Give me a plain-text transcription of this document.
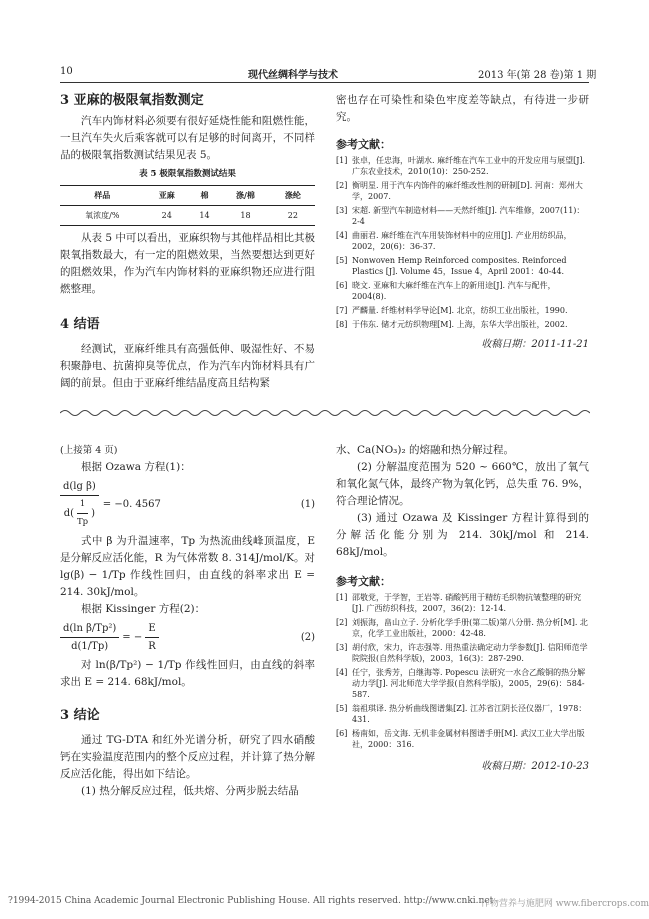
10	现代丝绸科学与技术	2013 年(第 28 卷)第 1 期

3 亚麻的极限氧指数测定

汽车内饰材料必须要有很好延烧性能和阻燃性能，一旦汽车失火后乘客就可以有足够的时间离开，不同样品的极限氧指数测试结果见表 5。

表 5 极限氧指数测试结果
样品	亚麻	棉	涤/棉	涤纶
氧浓度/%	24	14	18	22

从表 5 中可以看出，亚麻织物与其他样品相比其极限氧指数最大，有一定的阻燃效果，当然要想达到更好的阻燃效果，作为汽车内饰材料的亚麻织物还应进行阻燃整理。

4 结语

经测试，亚麻纤维具有高强低伸、吸湿性好、不易积聚静电、抗菌抑臭等优点，作为汽车内饰材料具有广阔的前景。但由于亚麻纤维结晶度高且结构紧

密也存在可染性和染色牢度差等缺点，有待进一步研究。

参考文献：

[1] 张卓，任忠海，叶湖水. 麻纤维在汽车工业中的开发应用与展望[J]. 广东农业技术，2010(10)：250-252.
[2] 衡明星. 用于汽车内饰件的麻纤维改性剂的研制[D]. 河南：郑州大学，2007.
[3] 宋超. 新型汽车制造材料——天然纤维[J]. 汽车维修，2007(11)：2-4
[4] 曲丽君. 麻纤维在汽车用装饰材料中的应用[J]. 产业用纺织品，2002，20(6)：36-37.
[5] Nonwoven Hemp Reinforced composites. Reinforced Plastics [J]. Volume 45，Issue 4，April 2001：40-44.
[6] 晓文. 亚麻和大麻纤维在汽车上的新用途[J]. 汽车与配件，2004(8).
[7] 严麟量. 纤维材料学导论[M]. 北京，纺织工业出版社，1990.
[8] 于伟东. 储才元纺织物理[M]. 上海，东华大学出版社，2002.
收稿日期：2011-11-21
(上接第 4 页)

根据 Ozawa 方程(1)：

$\frac{\text{d(lg β)}}{d( \frac{1}{Tp} )} = -0$. 4567	(1)

式中 β 为升温速率，Tp 为热流曲线峰顶温度，E 是分解反应活化能，R 为气体常数 8. 314J/mol/K。对 lg(β) − 1/Tp 作线性回归，由直线的斜率求出 E = 214. 30kJ/mol。

根据 Kissinger 方程(2)：

$\frac{\text{d(ln β/Tp²)}}{d(1/Tp)}$ = − $\frac{E}{R}$	(2)

对 ln(β/Tp²) − 1/Tp 作线性回归，由直线的斜率求出 E = 214. 68kJ/mol。

3 结论

通过 TG-DTA 和红外光谱分析，研究了四水硝酸钙在实验温度范围内的整个反应过程，并计算了热分解反应活化能，得出如下结论。

(1) 热分解反应过程，低共熔、分两步脱去结晶

水、Ca(NO₃)₂ 的熔融和热分解过程。

(2) 分解温度范围为 520 ~ 660℃，放出了氧气和氧化氮气体，最终产物为氧化钙，总失重 76. 9%，符合理论情况。

(3) 通过 Ozawa 及 Kissinger 方程计算得到的分解活化能分别为 214. 30kJ/mol 和 214. 68kJ/mol。

参考文献：

[1] 邵敬党，于学智，王岩等. 硝酸钙用于精纺毛织物抗皱整理的研究[J]. 广西纺织科技，2007，36(2)：12-14.
[2] 刘振海，畠山立子. 分析化学手册(第二版)第八分册. 热分析[M]. 北京，化学工业出版社，2000：42-48.
[3] 胡付欣，宋力，许志强等. 用热重法确定动力学参数[J]. 信阳师范学院院报(自然科学版)，2003，16(3)：287-290.
[4] 任宁，张秀芳，白继海等. Popescu 法研究一水合乙酸铜的热分解动力学[J]. 河北师范大学学报(自然科学版)，2005，29(6)：584-587.
[5] 翁祖琪译. 热分析曲线图谱集[Z]. 江苏省江阴长泾仪器厂，1978：431.
[6] 杨南如，岳文海. 无机非金属材料图谱手册[M]. 武汉工业大学出版社，2000：316.
收稿日期：2012-10-23
?1994-2015 China Academic Journal Electronic Publishing House. All rights reserved. http://www.cnki.net
作物营养与施肥网 www.fibercrops.com
